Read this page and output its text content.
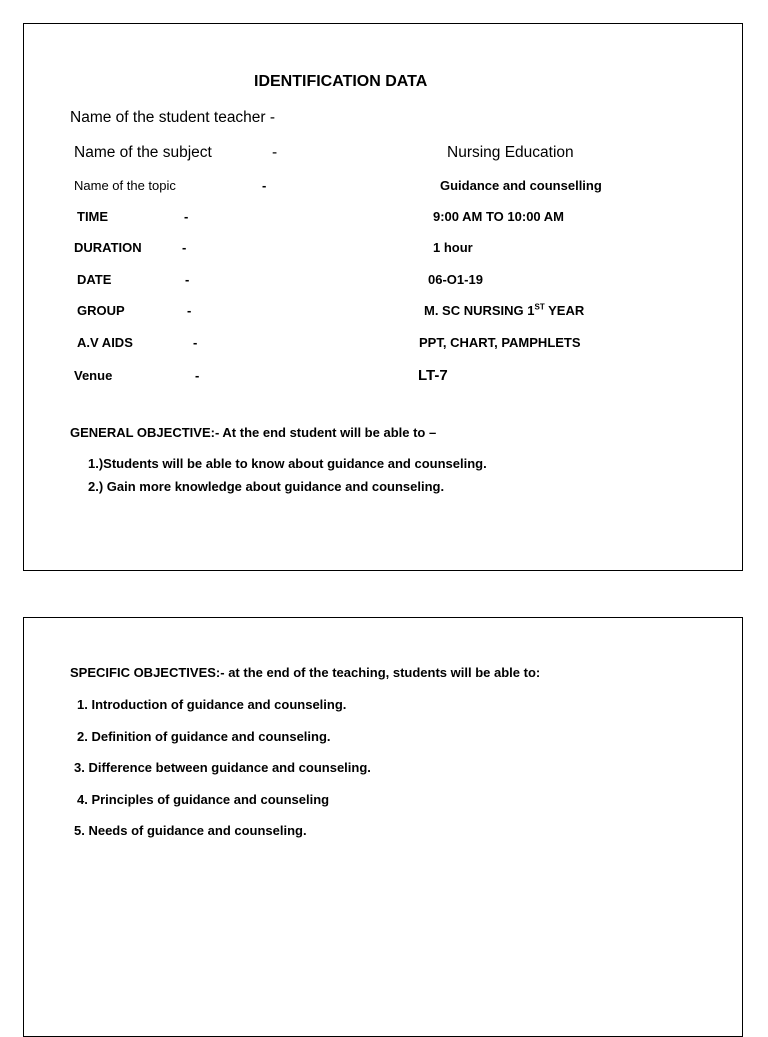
IDENTIFICATION DATA
Name of the student teacher -
Name of the subject	-	Nursing Education
Name of the topic	-	Guidance and counselling
TIME	-	9:00 AM TO 10:00 AM
DURATION	-	1 hour
DATE	-	06-O1-19
GROUP	-	M. SC NURSING 1ST YEAR
A.V AIDS	-	PPT, CHART, PAMPHLETS
Venue	-	LT-7
GENERAL OBJECTIVE:- At the end student will be able to –
1.)Students will be able to know about guidance and counseling.
2.) Gain more knowledge about guidance and counseling.
SPECIFIC OBJECTIVES:- at the end of the teaching, students will be able to:
1. Introduction of guidance and counseling.
2. Definition of guidance and counseling.
3. Difference between guidance and counseling.
4. Principles of guidance and counseling
5. Needs of guidance and counseling.
